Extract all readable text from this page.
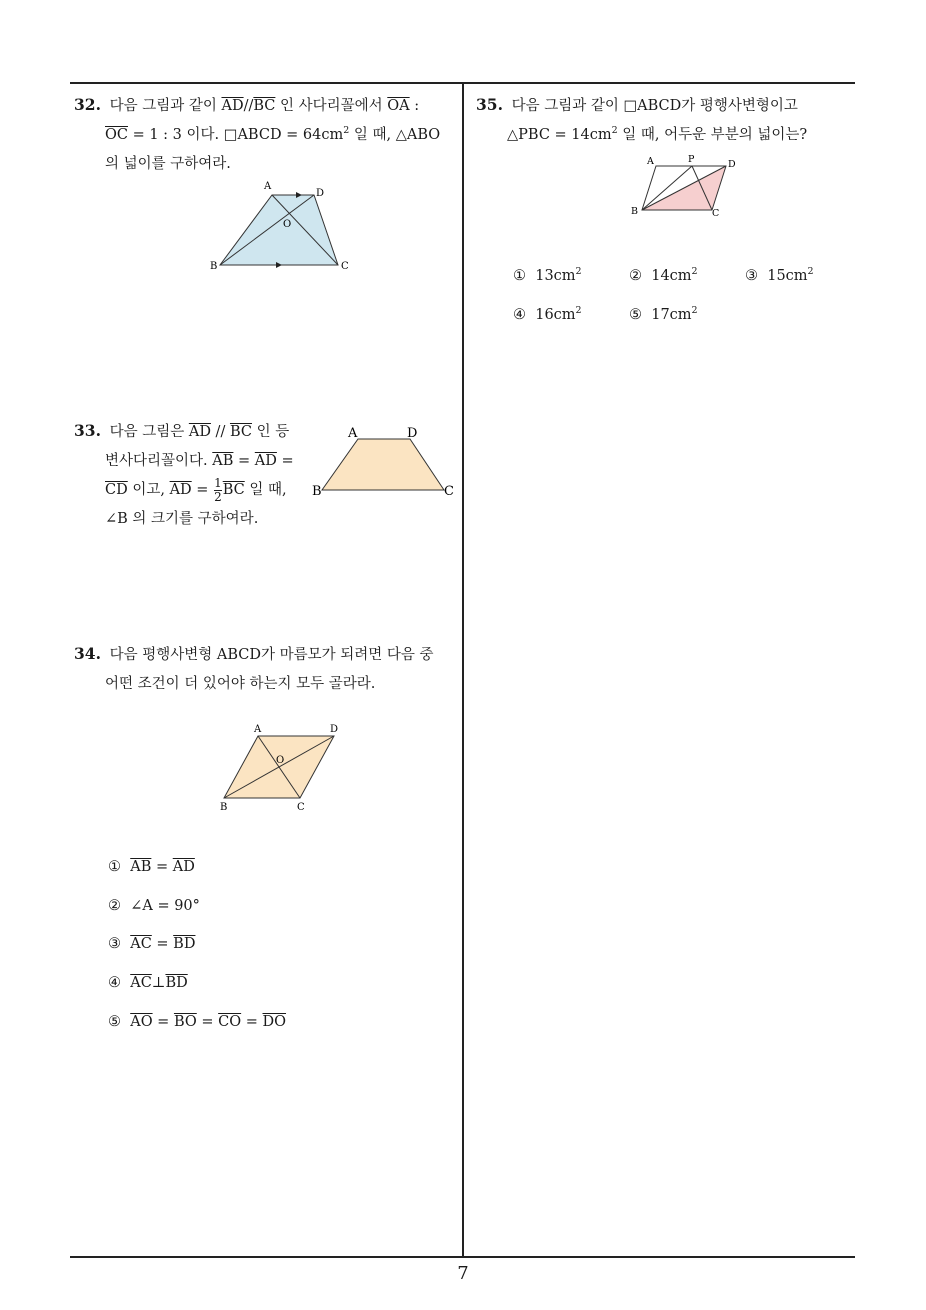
32. 다음 그림과 같이 $\overline{AD}//\overline{BC}$ 인 사다리꼴에서 $\overline{OA}$ :
$\overline{OC} = 1$ : 3 이다. □ABCD = $64cm^2$ 일 때, △ABO
의 넓이를 구하여라.
A
D
O
B	C
33. 다음 그림은 $\overline{AD} // \overline{BC}$ 인 등
변사다리꼴이다. $\overline{AB} = \overline{AD}$ =
$\overline{CD}$ 이고, $\overline{AD} = \frac{1}{2} \overline{BC}$ 일 때,
∠B 의 크기를 구하여라.
A	D
B	C
34. 다음 평행사변형 ABCD가 마름모가 되려면 다음 중
어떤 조건이 더 있어야 하는지 모두 골라라.
A	D
O
B	C
① $\overline{AB} = \overline{AD}$
② ∠A = 90°
③ $\overline{AC} = \overline{BD}$
④ $\overline{AC}\perp\overline{BD}$
⑤ $\overline{AO} = \overline{BO} = \overline{CO} = \overline{DO}$
35. 다음 그림과 같이 □ABCD가 평행사변형이고
△PBC = $14cm^2$ 일 때, 어두운 부분의 넓이는?
A	P	D
B	C
① $13cm^2$	② $14cm^2$	③ $15cm^2$
④ $16cm^2$	⑤ $17cm^2$
7
